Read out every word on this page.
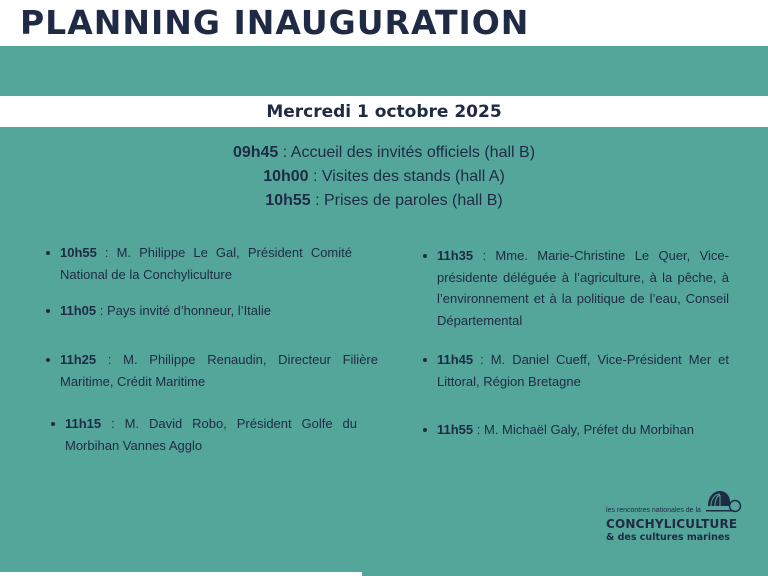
PLANNING INAUGURATION
Mercredi 1 octobre 2025
09h45 : Accueil des invités officiels (hall B)
10h00 : Visites des stands (hall A)
10h55 : Prises de paroles (hall B)
10h55 : M. Philippe Le Gal, Président Comité National de la Conchyliculture
11h05 : Pays invité d’honneur, l’Italie
11h25 : M. Philippe Renaudin, Directeur Filière Maritime, Crédit Maritime
11h15 : M. David Robo, Président Golfe du Morbihan Vannes Agglo
11h35 : Mme. Marie-Christine Le Quer, Vice-présidente déléguée à l’agriculture, à la pêche, à l’environnement et à la politique de l’eau, Conseil Départemental
11h45 : M. Daniel Cueff, Vice-Président Mer et Littoral, Région Bretagne
11h55 : M. Michaël Galy, Préfet du Morbihan
les rencontres nationales de la
CONCHYLICULTURE
& des cultures marines
